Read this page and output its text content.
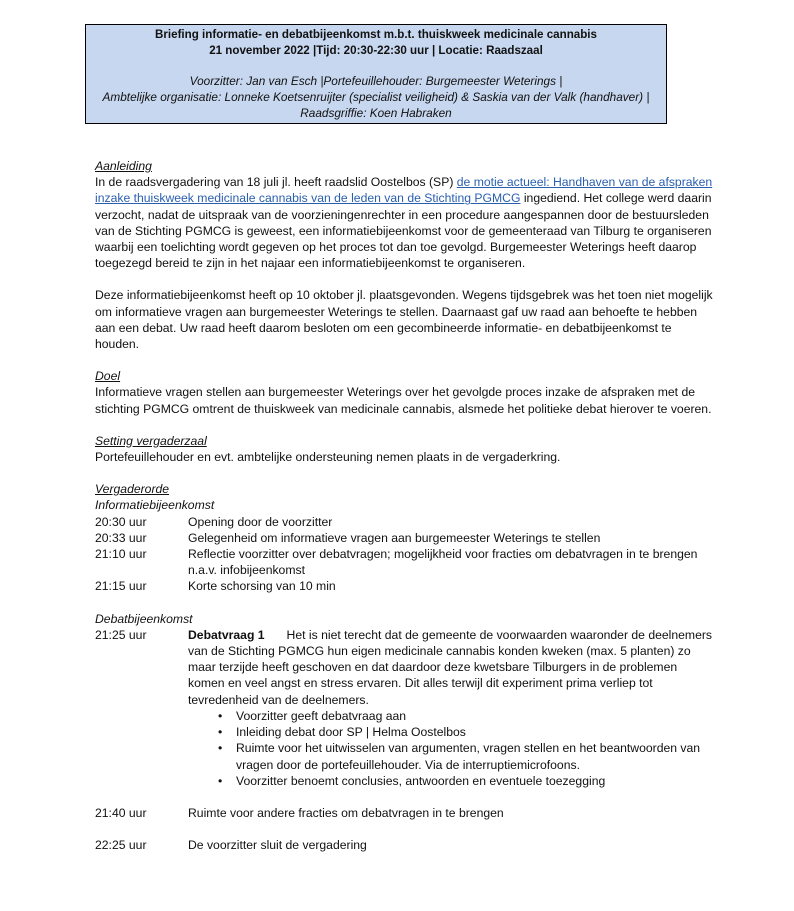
Briefing informatie- en debatbijeenkomst m.b.t. thuiskweek medicinale cannabis
21 november 2022 |Tijd: 20:30-22:30 uur | Locatie: Raadszaal
Voorzitter: Jan van Esch |Portefeuillehouder: Burgemeester Weterings |
Ambtelijke organisatie: Lonneke Koetsenruijter (specialist veiligheid) & Saskia van der Valk (handhaver) |
Raadsgriffie: Koen Habraken
Aanleiding

In de raadsvergadering van 18 juli jl. heeft raadslid Oostelbos (SP) de motie actueel: Handhaven van de afspraken inzake thuiskweek medicinale cannabis van de leden van de Stichting PGMCG ingediend. Het college werd daarin verzocht, nadat de uitspraak van de voorzieningenrechter in een procedure aangespannen door de bestuursleden van de Stichting PGMCG is geweest, een informatiebijeenkomst voor de gemeenteraad van Tilburg te organiseren waarbij een toelichting wordt gegeven op het proces tot dan toe gevolgd. Burgemeester Weterings heeft daarop toegezegd bereid te zijn in het najaar een informatiebijeenkomst te organiseren.

Deze informatiebijeenkomst heeft op 10 oktober jl. plaatsgevonden. Wegens tijdsgebrek was het toen niet mogelijk om informatieve vragen aan burgemeester Weterings te stellen. Daarnaast gaf uw raad aan behoefte te hebben aan een debat. Uw raad heeft daarom besloten om een gecombineerde informatie- en debatbijeenkomst te houden.

Doel

Informatieve vragen stellen aan burgemeester Weterings over het gevolgde proces inzake de afspraken met de stichting PGMCG omtrent de thuiskweek van medicinale cannabis, alsmede het politieke debat hierover te voeren.

Setting vergaderzaal

Portefeuillehouder en evt. ambtelijke ondersteuning nemen plaats in de vergaderkring.

Vergaderorde
Informatiebijeenkomst
20:30 uur	Opening door de voorzitter
20:33 uur	Gelegenheid om informatieve vragen aan burgemeester Weterings te stellen
21:10 uur	Reflectie voorzitter over debatvragen; mogelijkheid voor fracties om debatvragen in te brengen n.a.v. infobijeenkomst
21:15 uur	Korte schorsing van 10 min
Debatbijeenkomst
21:25 uur	Debatvraag 1 Het is niet terecht dat de gemeente de voorwaarden waaronder de deelnemers van de Stichting PGMCG hun eigen medicinale cannabis konden kweken (max. 5 planten) zo maar terzijde heeft geschoven en dat daardoor deze kwetsbare Tilburgers in de problemen komen en veel angst en stress ervaren. Dit alles terwijl dit experiment prima verliep tot tevredenheid van de deelnemers.

• Voorzitter geeft debatvraag aan
• Inleiding debat door SP | Helma Oostelbos
• Ruimte voor het uitwisselen van argumenten, vragen stellen en het beantwoorden van vragen door de portefeuillehouder. Via de interruptiemicrofoons.
• Voorzitter benoemt conclusies, antwoorden en eventuele toezegging
21:40 uur	Ruimte voor andere fracties om debatvragen in te brengen
22:25 uur	De voorzitter sluit de vergadering
